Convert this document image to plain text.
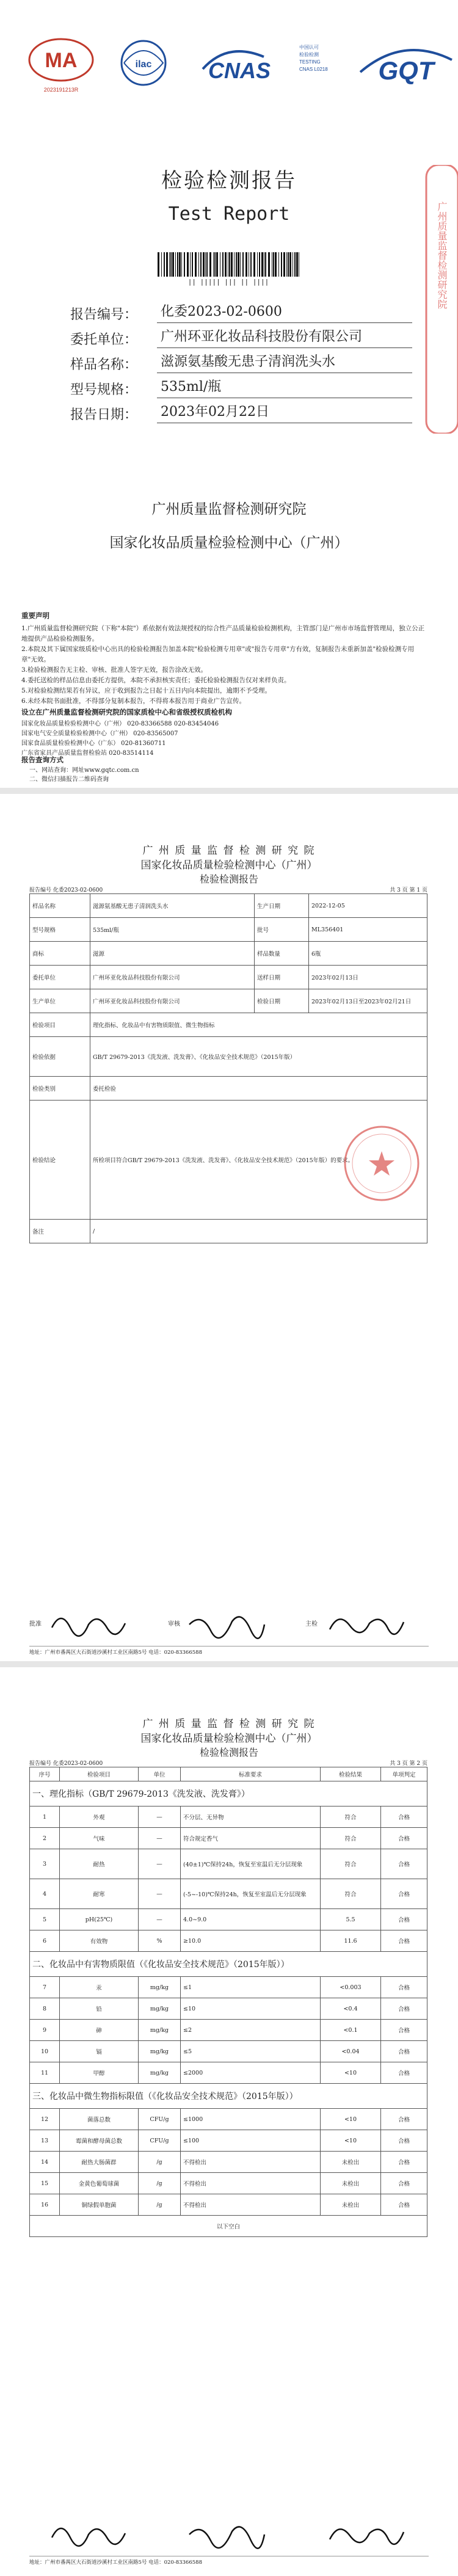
MA
2023191213R
ilac	CNAS
中国认可
检验检测
TESTING
CNAS L0218	GQT
检验检测报告
Test Report
|| ||||| ||| || ||||
报告编号：	化委2023-02-0600
委托单位：	广州环亚化妆品科技股份有限公司
样品名称：	滋源氨基酸无患子清润洗头水
型号规格：	535ml/瓶
报告日期：	2023年02月22日
广州质量监督检测研究院
广州质量监督检测研究院
国家化妆品质量检验检测中心（广州）
重要声明

1.广州质量监督检测研究院（下称"本院"）系依据有效法规授权的综合性产品质量检验检测机构，主管部门是广州市市场监督管理局，独立公正地提供产品检验检测服务。

2.本院及其下属国家级质检中心出具的检验检测报告加盖本院"检验检测专用章"或"报告专用章"方有效，复制报告未重新加盖"检验检测专用章"无效。

3.检验检测报告无主检、审核、批准人签字无效，报告涂改无效。

4.委托送检的样品信息由委托方提供，本院不承担核实责任；委托检验检测报告仅对来样负责。

5.对检验检测结果若有异议，应于收到报告之日起十五日内向本院提出，逾期不予受理。

6.未经本院书面批准，不得部分复制本报告，不得将本报告用于商业广告宣传。

设立在广州质量监督检测研究院的国家质检中心和省级授权质检机构
国家化妆品质量检验检测中心（广州） 020-83366588 020-83454046
国家电气安全质量检验检测中心（广州） 020-83565007
国家食品质量检验检测中心（广东） 020-81360711
广东省家具产品质量监督检验站 020-83514114
报告查询方式
一、网站查询：网址www.gqtc.com.cn
二、微信扫描报告二维码查询
广 州 质 量 监 督 检 测 研 究 院
国家化妆品质量检验检测中心（广州）
检验检测报告
报告编号 化委2023-02-0600	共 3 页 第 1 页
样品名称	滋源氨基酸无患子清润洗头水	生产日期	2022-12-05
型号规格	535ml/瓶	批号	ML356401
商标	滋源	样品数量	6瓶
委托单位	广州环亚化妆品科技股份有限公司	送样日期	2023年02月13日
生产单位	广州环亚化妆品科技股份有限公司	检验日期	2023年02月13日至2023年02月21日
检验项目	理化指标、化妆品中有害物质限值、微生物指标		
检验依据	GB/T 29679-2013《洗发液、洗发膏》、《化妆品安全技术规范》（2015年版）		
检验类别	委托检验		
检验结论	所检项目符合GB/T 29679-2013《洗发液、洗发膏》、《化妆品安全技术规范》（2015年版）的要求。		
备注	/		
批准	审核	主检
地址：广州市番禺区大石街道沙溪村工业区南路5号 电话：020-83366588
广 州 质 量 监 督 检 测 研 究 院
国家化妆品质量检验检测中心（广州）
检验检测报告
报告编号 化委2023-02-0600	共 3 页 第 2 页
序号	检验项目	单位	标准要求	检验结果	单项判定
一、理化指标（GB/T 29679-2013《洗发液、洗发膏》）					
1	外观	—	不分层、无异物	符合	合格
2	气味	—	符合规定香气	符合	合格
3	耐热	—	(40±1)℃保持24h，恢复至室温后无分层现象	符合	合格
4	耐寒	—	(-5~-10)℃保持24h，恢复至室温后无分层现象	符合	合格
5	pH(25℃)	—	4.0~9.0	5.5	合格
6	有效物	%	≥10.0	11.6	合格
二、化妆品中有害物质限值（《化妆品安全技术规范》（2015年版））					
7	汞	mg/kg	≤1	<0.003	合格
8	铅	mg/kg	≤10	<0.4	合格
9	砷	mg/kg	≤2	<0.1	合格
10	镉	mg/kg	≤5	<0.04	合格
11	甲醇	mg/kg	≤2000	<10	合格
三、化妆品中微生物指标限值（《化妆品安全技术规范》（2015年版））					
12	菌落总数	CFU/g	≤1000	<10	合格
13	霉菌和酵母菌总数	CFU/g	≤100	<10	合格
14	耐热大肠菌群	/g	不得检出	未检出	合格
15	金黄色葡萄球菌	/g	不得检出	未检出	合格
16	铜绿假单胞菌	/g	不得检出	未检出	合格
以下空白					
地址：广州市番禺区大石街道沙溪村工业区南路5号 电话：020-83366588
